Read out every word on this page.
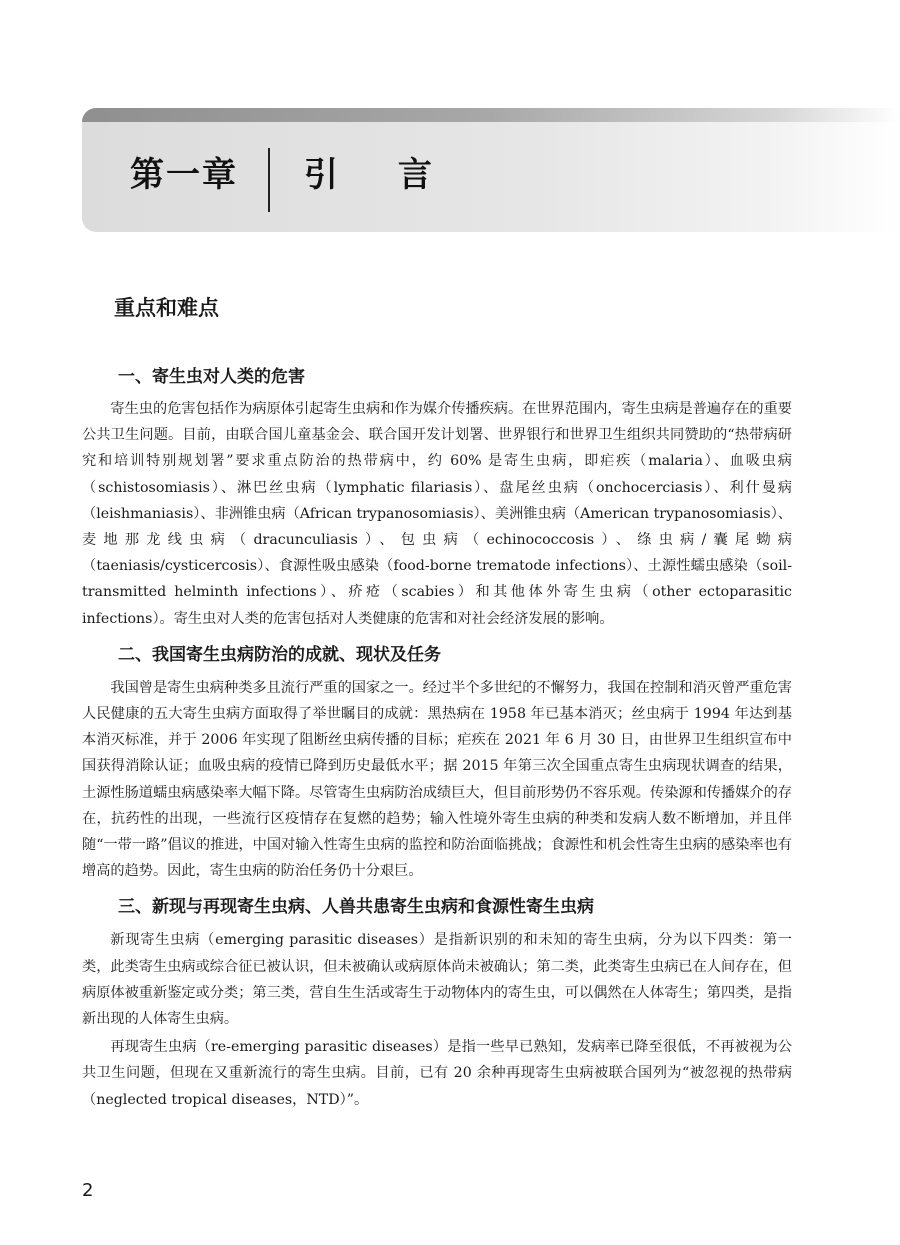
第一章 引 言
重点和难点
一、寄生虫对人类的危害

寄生虫的危害包括作为病原体引起寄生虫病和作为媒介传播疾病。在世界范围内，寄生虫病是普遍存在的重要公共卫生问题。目前，由联合国儿童基金会、联合国开发计划署、世界银行和世界卫生组织共同赞助的“热带病研究和培训特别规划署”要求重点防治的热带病中，约 60% 是寄生虫病，即疟疾（malaria）、血吸虫病（schistosomiasis）、淋巴丝虫病（lymphatic filariasis）、盘尾丝虫病（onchocerciasis）、利什曼病（leishmaniasis）、非洲锥虫病（African trypanosomiasis）、美洲锥虫病（American trypanosomiasis）、麦地那龙线虫病（dracunculiasis）、包虫病（echinococcosis）、绦虫病/囊尾蚴病（taeniasis/cysticercosis）、食源性吸虫感染（food-borne trematode infections）、土源性蠕虫感染（soil-transmitted helminth infections）、疥疮（scabies）和其他体外寄生虫病（other ectoparasitic infections）。寄生虫对人类的危害包括对人类健康的危害和对社会经济发展的影响。

二、我国寄生虫病防治的成就、现状及任务

我国曾是寄生虫病种类多且流行严重的国家之一。经过半个多世纪的不懈努力，我国在控制和消灭曾严重危害人民健康的五大寄生虫病方面取得了举世瞩目的成就：黑热病在 1958 年已基本消灭；丝虫病于 1994 年达到基本消灭标准，并于 2006 年实现了阻断丝虫病传播的目标；疟疾在 2021 年 6 月 30 日，由世界卫生组织宣布中国获得消除认证；血吸虫病的疫情已降到历史最低水平；据 2015 年第三次全国重点寄生虫病现状调查的结果，土源性肠道蠕虫病感染率大幅下降。尽管寄生虫病防治成绩巨大，但目前形势仍不容乐观。传染源和传播媒介的存在，抗药性的出现，一些流行区疫情存在复燃的趋势；输入性境外寄生虫病的种类和发病人数不断增加，并且伴随“一带一路”倡议的推进，中国对输入性寄生虫病的监控和防治面临挑战；食源性和机会性寄生虫病的感染率也有增高的趋势。因此，寄生虫病的防治任务仍十分艰巨。

三、新现与再现寄生虫病、人兽共患寄生虫病和食源性寄生虫病

新现寄生虫病（emerging parasitic diseases）是指新识别的和未知的寄生虫病，分为以下四类：第一类，此类寄生虫病或综合征已被认识，但未被确认或病原体尚未被确认；第二类，此类寄生虫病已在人间存在，但病原体被重新鉴定或分类；第三类，营自生生活或寄生于动物体内的寄生虫，可以偶然在人体寄生；第四类，是指新出现的人体寄生虫病。

再现寄生虫病（re-emerging parasitic diseases）是指一些早已熟知，发病率已降至很低，不再被视为公共卫生问题，但现在又重新流行的寄生虫病。目前，已有 20 余种再现寄生虫病被联合国列为“被忽视的热带病（neglected tropical diseases，NTD）”。

2
